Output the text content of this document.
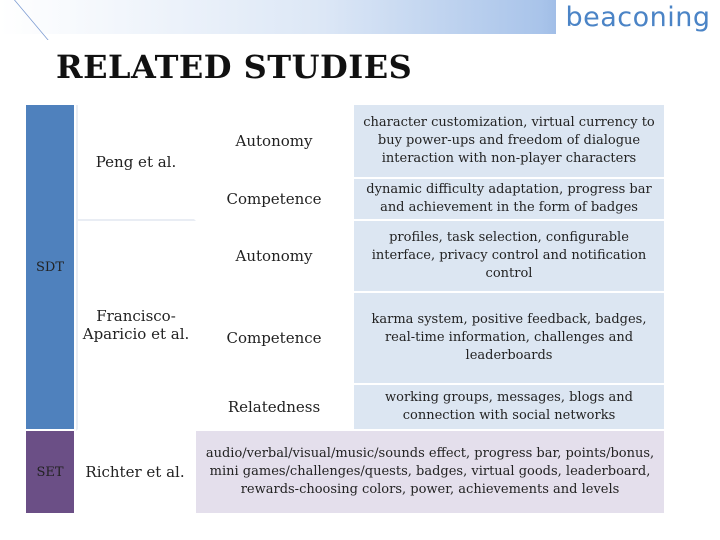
beaconing
RELATED STUDIES
SDT	Peng et al.	Autonomy	character customization, virtual currency to buy power-ups and freedom of dialogue interaction with non-player characters

		Competence	dynamic difficulty adaptation, progress bar and achievement in the form of badges

	Francisco-Aparicio et al.	Autonomy	profiles, task selection, configurable interface, privacy control and notification control

		Competence	karma system, positive feedback, badges, real-time information, challenges and leaderboards

		Relatedness	working groups, messages, blogs and connection with social networks

SET	Richter et al.	audio/verbal/visual/music/sounds effect, progress bar, points/bonus, mini games/challenges/quests, badges, virtual goods, leaderboard, rewards-choosing colors, power, achievements and levels	
